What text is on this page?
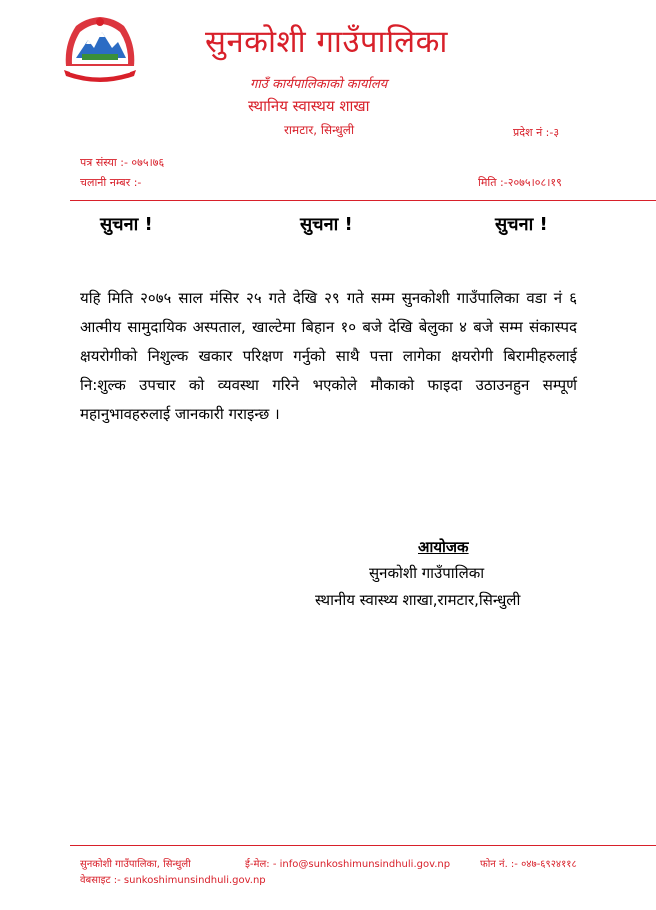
सुनकोशी गाउँपालिका
गाउँ कार्यपालिकाको कार्यालय
स्थानिय स्वास्थय शाखा
रामटार, सिन्धुली	प्रदेश नं :-३
पत्र संस्या :- ०७५।७६
चलानी नम्बर :-	मिति :-२०७५।०८।१९
सुचना !	सुचना !	सुचना !
यहि मिति २०७५ साल मंसिर २५ गते देखि २९ गते सम्म सुनकोशी गाउँपालिका वडा नं ६ आत्मीय सामुदायिक अस्पताल, खाल्टेमा बिहान १० बजे देखि बेलुका ४ बजे सम्म संकास्पद क्षयरोगीको निशुल्क खकार परिक्षण गर्नुको साथै पत्ता लागेका क्षयरोगी बिरामीहरुलाई नि:शुल्क उपचार को व्यवस्था गरिने भएकोले मौकाको फाइदा उठाउनहुन सम्पूर्ण महानुभावहरुलाई जानकारी गराइन्छ ।
आयोजक
सुनकोशी गाउँपालिका
स्थानीय स्वास्थ्य शाखा,रामटार,सिन्धुली
सुनकोशी गाउँपालिका, सिन्धुली	ई-मेल: - info@sunkoshimunsindhuli.gov.np	फोन नं. :- ०४७-६९२४११८
वेबसाइट :- sunkoshimunsindhuli.gov.np
